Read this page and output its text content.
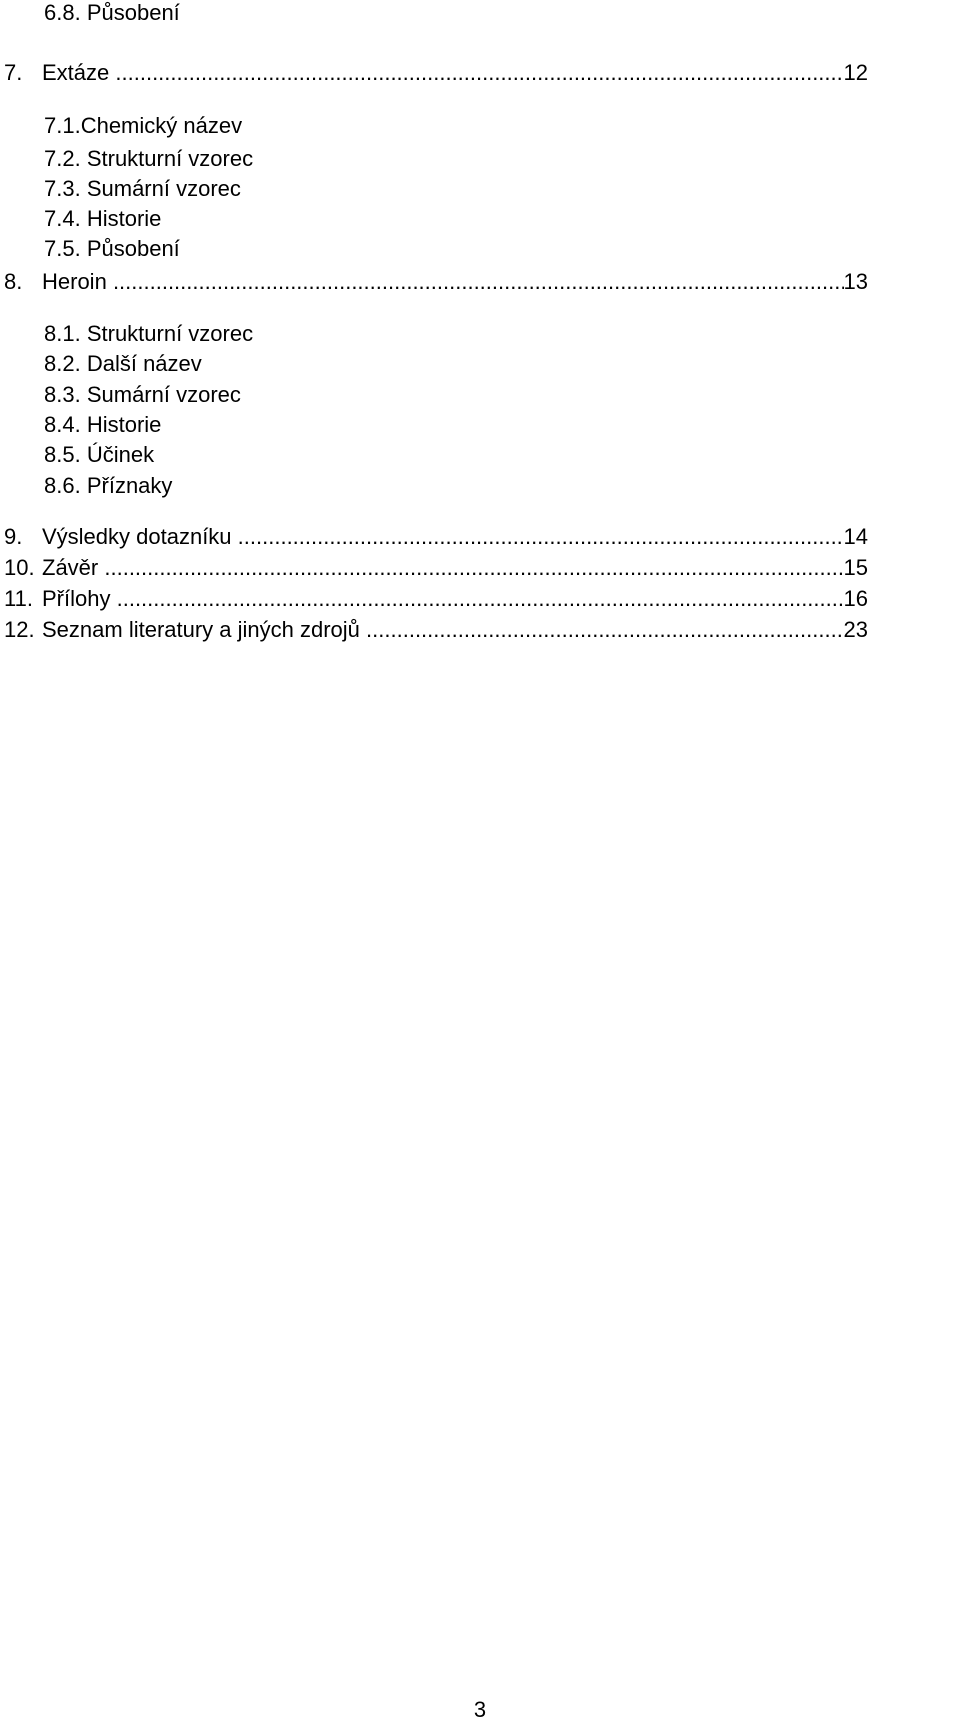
6.8. Působení
7. Extáze .....	12
7.1.Chemický název
7.2. Strukturní vzorec
7.3. Sumární vzorec
7.4. Historie
7.5. Působení
8. Heroin .....	13
8.1. Strukturní vzorec
8.2. Další název
8.3. Sumární vzorec
8.4. Historie
8.5. Účinek
8.6. Příznaky
9. Výsledky dotazníku .....	14
10. Závěr .....	15
11. Přílohy .....	16
12. Seznam literatury a jiných zdrojů .....	23
3
